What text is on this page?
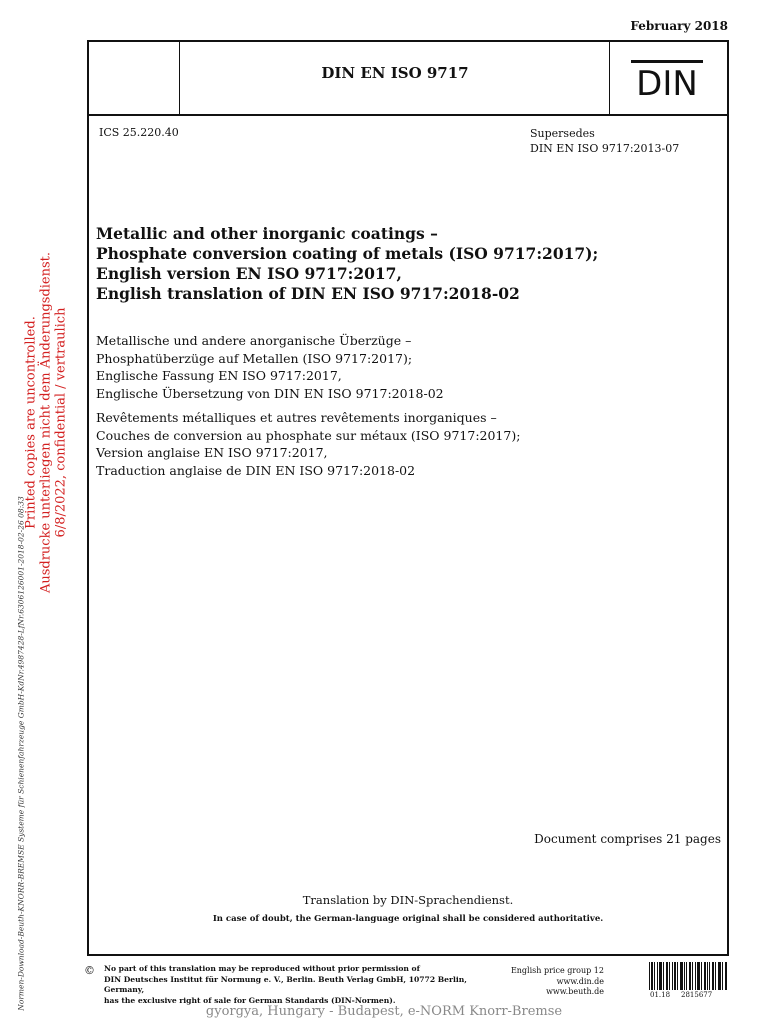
February 2018
DIN EN ISO 9717	DIN
ICS 25.220.40	Supersedes
DIN EN ISO 9717:2013-07
Metallic and other inorganic coatings –
Phosphate conversion coating of metals (ISO 9717:2017);
English version EN ISO 9717:2017,
English translation of DIN EN ISO 9717:2018-02
Metallische und andere anorganische Überzüge –
Phosphatüberzüge auf Metallen (ISO 9717:2017);
Englische Fassung EN ISO 9717:2017,
Englische Übersetzung von DIN EN ISO 9717:2018-02
Revêtements métalliques et autres revêtements inorganiques –
Couches de conversion au phosphate sur métaux (ISO 9717:2017);
Version anglaise EN ISO 9717:2017,
Traduction anglaise de DIN EN ISO 9717:2018-02
Document comprises 21 pages
Translation by DIN-Sprachendienst.
In case of doubt, the German-language original shall be considered authoritative.
© No part of this translation may be reproduced without prior permission of
DIN Deutsches Institut für Normung e. V., Berlin. Beuth Verlag GmbH, 10772 Berlin, Germany,
has the exclusive right of sale for German Standards (DIN-Normen).
English price group 12
www.din.de
www.beuth.de	01.18 2815677
Printed copies are uncontrolled. Ausdrucke unterliegen nicht dem Änderungsdienst. 6/8/2022, confidential / vertraulich
Normen-Download-Beuth-KNORR-BREMSE Systeme für Schienenfahrzeuge GmbH-KdNr.4987428-LfNr.6306126001-2018-02-26 08:33
gyorgya, Hungary - Budapest, e-NORM Knorr-Bremse
